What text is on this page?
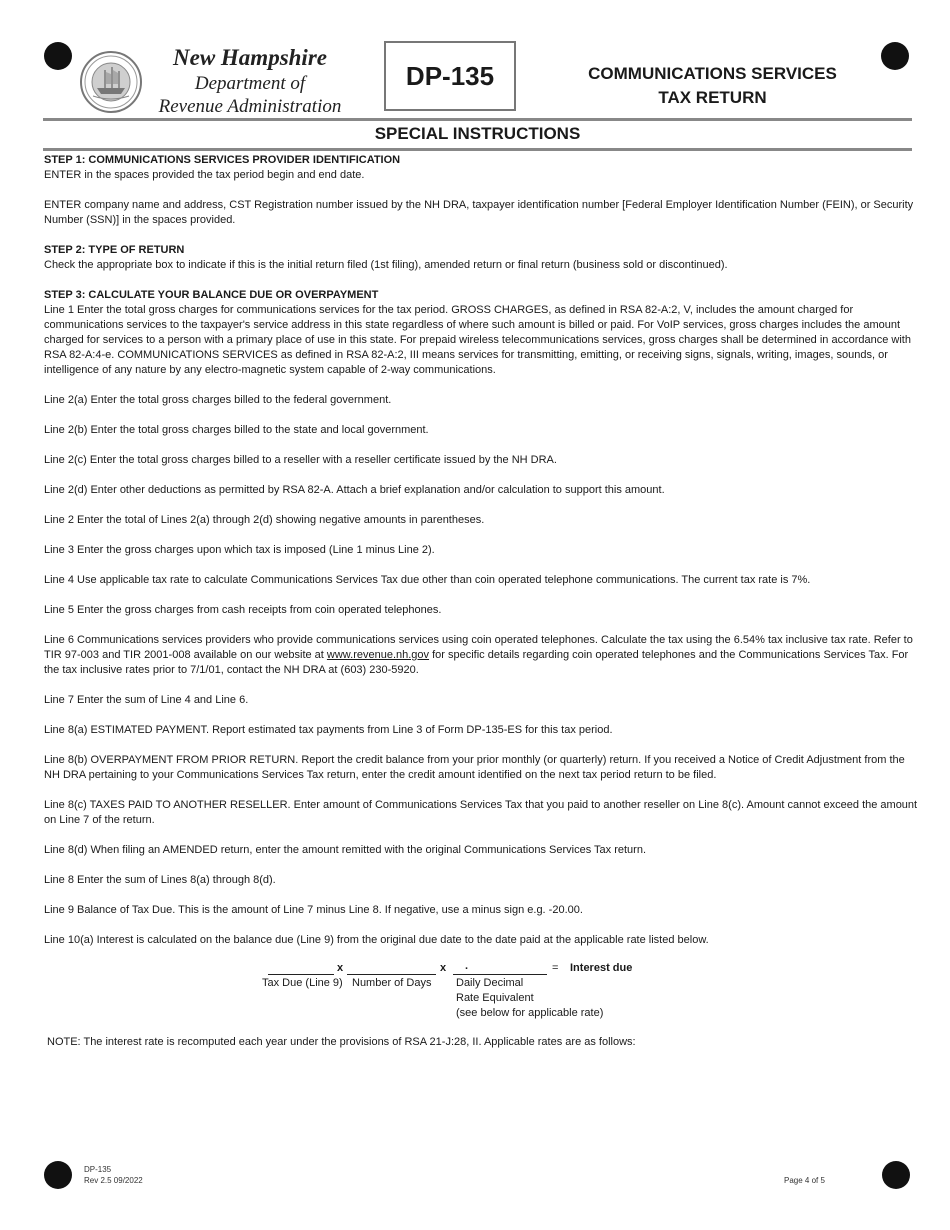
New Hampshire
Department of
Revenue Administration
DP-135	COMMUNICATIONS SERVICES
TAX RETURN
SPECIAL INSTRUCTIONS
STEP 1: COMMUNICATIONS SERVICES PROVIDER IDENTIFICATION

ENTER in the spaces provided the tax period begin and end date.

ENTER company name and address, CST Registration number issued by the NH DRA, taxpayer identification number [Federal Employer Identification Number (FEIN), or Security Number (SSN)] in the spaces provided.

STEP 2: TYPE OF RETURN

Check the appropriate box to indicate if this is the initial return filed (1st filing), amended return or final return (business sold or discontinued).

STEP 3: CALCULATE YOUR BALANCE DUE OR OVERPAYMENT

Line 1 Enter the total gross charges for communications services for the tax period. GROSS CHARGES, as defined in RSA 82-A:2, V, includes the amount charged for communications services to the taxpayer's service address in this state regardless of where such amount is billed or paid. For VoIP services, gross charges includes the amount charged for services to a person with a primary place of use in this state. For prepaid wireless telecommunications services, gross charges shall be determined in accordance with RSA 82-A:4-e. COMMUNICATIONS SERVICES as defined in RSA 82-A:2, III means services for transmitting, emitting, or receiving signs, signals, writing, images, sounds, or intelligence of any nature by any electro-magnetic system capable of 2-way communications.

Line 2(a) Enter the total gross charges billed to the federal government.

Line 2(b) Enter the total gross charges billed to the state and local government.

Line 2(c) Enter the total gross charges billed to a reseller with a reseller certificate issued by the NH DRA.

Line 2(d) Enter other deductions as permitted by RSA 82-A. Attach a brief explanation and/or calculation to support this amount.

Line 2 Enter the total of Lines 2(a) through 2(d) showing negative amounts in parentheses.

Line 3 Enter the gross charges upon which tax is imposed (Line 1 minus Line 2).

Line 4 Use applicable tax rate to calculate Communications Services Tax due other than coin operated telephone communications. The current tax rate is 7%.

Line 5 Enter the gross charges from cash receipts from coin operated telephones.

Line 6 Communications services providers who provide communications services using coin operated telephones. Calculate the tax using the 6.54% tax inclusive tax rate. Refer to TIR 97-003 and TIR 2001-008 available on our website at www.revenue.nh.gov for specific details regarding coin operated telephones and the Communications Services Tax. For the tax inclusive rates prior to 7/1/01, contact the NH DRA at (603) 230-5920.

Line 7 Enter the sum of Line 4 and Line 6.

Line 8(a) ESTIMATED PAYMENT. Report estimated tax payments from Line 3 of Form DP-135-ES for this tax period.

Line 8(b) OVERPAYMENT FROM PRIOR RETURN. Report the credit balance from your prior monthly (or quarterly) return. If you received a Notice of Credit Adjustment from the NH DRA pertaining to your Communications Services Tax return, enter the credit amount identified on the next tax period return to be filed.

Line 8(c) TAXES PAID TO ANOTHER RESELLER. Enter amount of Communications Services Tax that you paid to another reseller on Line 8(c). Amount cannot exceed the amount on Line 7 of the return.

Line 8(d) When filing an AMENDED return, enter the amount remitted with the original Communications Services Tax return.

Line 8 Enter the sum of Lines 8(a) through 8(d).

Line 9 Balance of Tax Due. This is the amount of Line 7 minus Line 8. If negative, use a minus sign e.g. -20.00.

Line 10(a) Interest is calculated on the balance due (Line 9) from the original due date to the date paid at the applicable rate listed below.

x	x .	= Interest due
Tax Due (Line 9) Number of Days Daily Decimal
Rate Equivalent
(see below for applicable rate)
NOTE: The interest rate is recomputed each year under the provisions of RSA 21-J:28, II. Applicable rates are as follows:
DP-135
Rev 2.5 09/2022	Page 4 of 5
